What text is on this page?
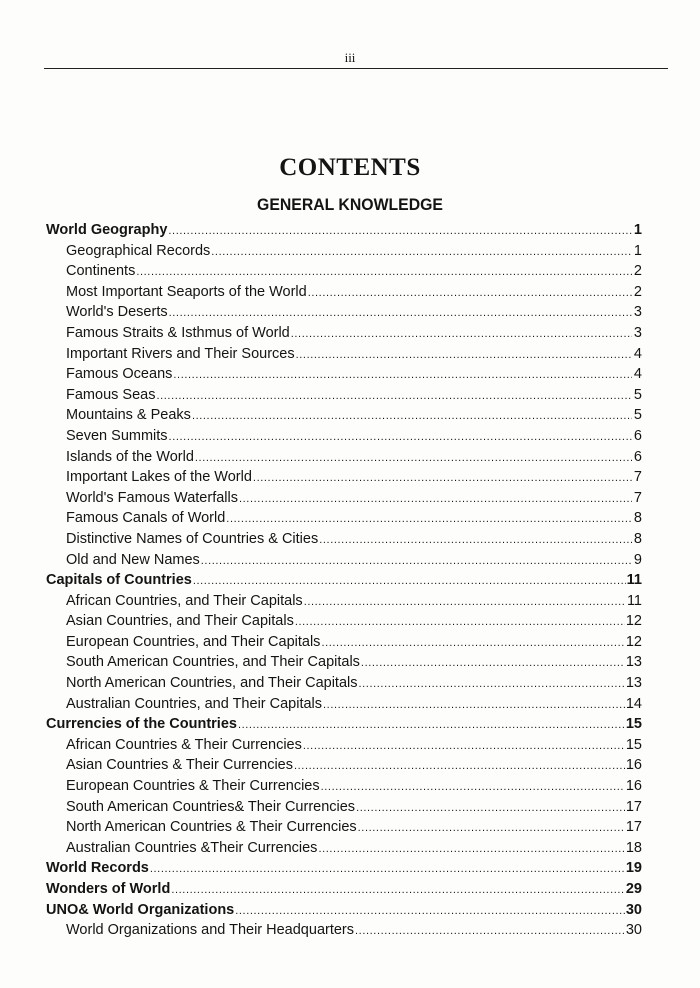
iii
CONTENTS
GENERAL KNOWLEDGE
World Geography .....	1
Geographical Records .....	1
Continents .....	2
Most Important Seaports of the World .....	2
World's Deserts .....	3
Famous Straits & Isthmus of World .....	3
Important Rivers and Their Sources .....	4
Famous Oceans .....	4
Famous Seas .....	5
Mountains & Peaks .....	5
Seven Summits .....	6
Islands of the World .....	6
Important Lakes of the World .....	7
World's Famous Waterfalls .....	7
Famous Canals of World .....	8
Distinctive Names of Countries & Cities .....	8
Old and New Names .....	9
Capitals of Countries .....	11
African Countries, and Their Capitals .....	11
Asian Countries, and Their Capitals .....	12
European Countries, and Their Capitals .....	12
South American Countries, and Their Capitals .....	13
North American Countries, and Their Capitals .....	13
Australian Countries, and Their Capitals .....	14
Currencies of the Countries .....	15
African Countries & Their Currencies .....	15
Asian Countries & Their Currencies .....	16
European Countries & Their Currencies .....	16
South American Countries& Their Currencies .....	17
North American Countries & Their Currencies .....	17
Australian Countries &Their Currencies .....	18
World Records .....	19
Wonders of World .....	29
UNO& World Organizations .....	30
World Organizations and Their Headquarters .....	30
